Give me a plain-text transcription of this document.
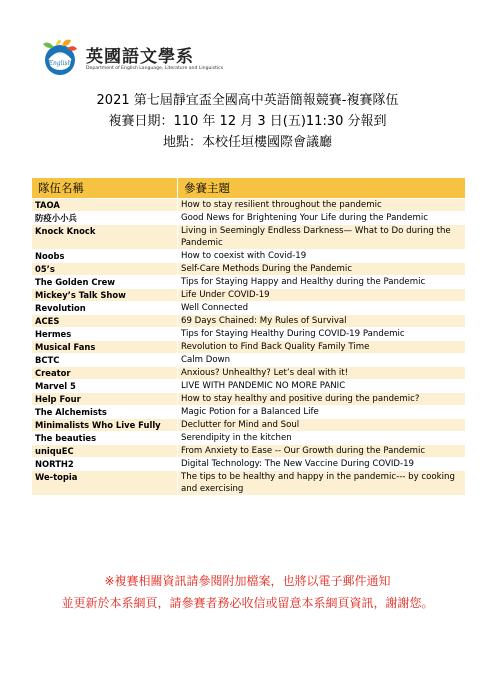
English 英國語文學系
Department of English Language, Literature and Linguistics
2021 第七屆靜宜盃全國高中英語簡報競賽-複賽隊伍
複賽日期：110 年 12 月 3 日(五)11:30 分報到
地點：本校任垣樓國際會議廳
隊伍名稱	參賽主題
TAOA	How to stay resilient throughout the pandemic
防疫小小兵	Good News for Brightening Your Life during the Pandemic
Knock Knock	Living in Seemingly Endless Darkness— What to Do during the Pandemic
Noobs	How to coexist with Covid-19
05’s	Self-Care Methods During the Pandemic
The Golden Crew	Tips for Staying Happy and Healthy during the Pandemic
Mickey’s Talk Show	Life Under COVID-19
Revolution	Well Connected
ACES	69 Days Chained: My Rules of Survival
Hermes	Tips for Staying Healthy During COVID-19 Pandemic
Musical Fans	Revolution to Find Back Quality Family Time
BCTC	Calm Down
Creator	Anxious? Unhealthy? Let’s deal with it!
Marvel 5	LIVE WITH PANDEMIC NO MORE PANIC
Help Four	How to stay healthy and positive during the pandemic?
The Alchemists	Magic Potion for a Balanced Life
Minimalists Who Live Fully	Declutter for Mind and Soul
The beauties	Serendipity in the kitchen
uniquEC	From Anxiety to Ease -- Our Growth during the Pandemic
NORTH2	Digital Technology: The New Vaccine During COVID-19
We-topia	The tips to be healthy and happy in the pandemic--- by cooking and exercising
※複賽相關資訊請參閱附加檔案，也將以電子郵件通知
並更新於本系網頁，請參賽者務必收信或留意本系網頁資訊，謝謝您。
